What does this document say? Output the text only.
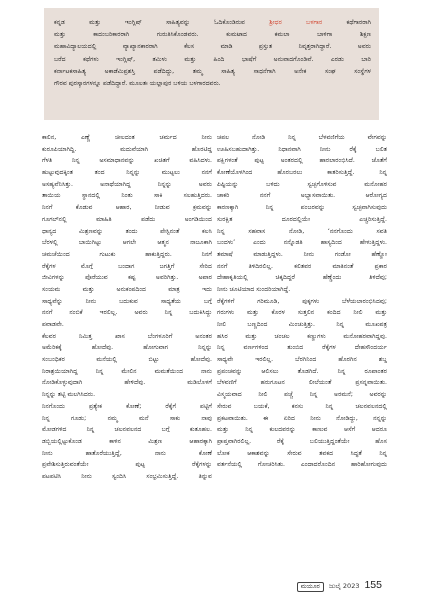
ಕನ್ನಡ ಮತ್ತು ಇಂಗ್ಲಿಷ್ ಸಾಹಿತ್ಯವನ್ನು ಓದಿಕೊಂಡಿರುವ	ಶ್ರೀಧರ ಬಳಗಾರ	ಕಥೆಗಾರರಾಗಿ
ಮತ್ತು ಕಾದಂಬರಿಕಾರರಾಗಿ ಗುರುತಿಸಿಕೊಂಡವರು. ಕುಮಟಾದ ಕಮಲಾ ಬಾಳಿಗಾ ಶಿಕ್ಷಣ
ಮಹಾವಿದ್ಯಾಲಯದಲ್ಲಿ ವ್ಯಾಖ್ಯಾನಕಾರರಾಗಿ ಕೆಲಸ ಮಾಡಿ ಪ್ರಸ್ತುತ ನಿವೃತ್ತರಾಗಿದ್ದಾರೆ. ಅವರು
ಬರೆದ ಕಥೆಗಳು ಇಂಗ್ಲಿಷ್, ತಮಿಳು ಮತ್ತು ಹಿಂದಿ ಭಾಷೆಗೆ ಅನುವಾದಗೊಂಡಿವೆ. ಎರಡು ಬಾರಿ
ಕರ್ನಾಟಕಸಾಹಿತ್ಯ ಅಕಾಡೆಮಿಪ್ರಶಸ್ತಿ ಪಡೆದಿದ್ದು, ತಮ್ಮ ಸಾಹಿತ್ಯ ಸಾಧನೆಗಾಗಿ ಅನೇಕ ಸಂಘ ಸಂಸ್ಥೆಗಳ
ಗೌರವ ಪುರಸ್ಕಾರಗಳನ್ನೂ ಪಡೆದಿದ್ದಾರೆ. ಮೂಲತಃ ಯಲ್ಲಾಪುರ ಬಳಿಯ ಬಳಗಾರದವರು.
ಕಾಲಿನ, ಎಣ್ಣೆ ಚೀಲದಂತ ಚರ್ಮದ ನೀನು
ಕುರೂಪಿಯಾಗಿದ್ದಿ. ಮದುವೆಯಾಗಿ ಹೊರಟಿದ್ದ
ಗೆಳತಿ ನಿನ್ನ ಅಸಮಾಧಾನವನ್ನು ಖಚಿತಗೆ ವಹಿಸಿದಳು.
ಹುಟ್ಟುವುದಕ್ಕಿಂತ ತಂದ ನಿನ್ನನ್ನು ಮುಟ್ಟಲು ನನಗೆ
ಅಸಹ್ಯವೆನಿಸಿತ್ತು. ಅನಾಥೆಯಾಗಿದ್ದ ನಿನ್ನನ್ನು ಅವರು
ತಾಯಿಯ ಸ್ಥಾನದಲ್ಲಿ ನಿಂತು ಸಾಕಿ ಸಲಹುತ್ತಿದರು.
ನಿನಗೆ ಕೊಡುವ ಆಹಾರ, ನೀಡುವ ಕ್ರಮವನ್ನು
ಗೂಗಲ್‌ನಲ್ಲಿ ಮಾಹಿತಿ ಪಡೆದು ಅಂಗಡಿಯಿಂದ
ಧಾನ್ಯದ ಮಿಶ್ರಣವನ್ನು ತಂದು ಪೇಸ್ಟಿನಂತೆ ಕಲಸಿ
ಬೆರಳಲ್ಲಿ ಬಾಯಿಗಿಟ್ಟು ಆಗಲೇ ಆತ್ಮನ ನಾಜೂಕಾಗಿ
ಚಮಚೆಯಿಂದ ಗುಟುಕು ಹಾಕುತ್ತಿದ್ದರು. ನಿನಗೆ
ರೆಕ್ಕೆಗಳ ಮೊಗ್ಗೆ ಬಂದಾಗ ಜಗತ್ತಿಗೆ ಸೇರಿದ
ಜೀವಿಗಳನ್ನು ಪೊರೆಯುವ ಕಷ್ಟ ಅವರಿಗಿತ್ತು. ಅಪಾರ
ಸಂಯಮ ಮತ್ತು ಅನುಕಂಪದಿಂದ ಮಾತ್ರ ಇದು
ಸಾಧ್ಯವೆನ್ನು ನೀನು ಬದುಕುವ ಸಾಧ್ಯತೆಯ ಬಗ್ಗೆ
ನನಗೆ ನಂಬಿಕೆ ಇರಲಿಲ್ಲ. ಅವರು ನಿನ್ನ ಬದುಕಿಸಿದ್ದು
ಪವಾಡವೇ.
ಕೆಲವರ ನಿಮಿತ್ತ ಖಾಸ ಬೆಂಗಳೂರಿಗೆ ಅನಂತರ
ಅಮೆರಿಕಕ್ಕೆ ಹೋದೆವು. ಹೋಗುವಾಗ ನಿನ್ನನ್ನು
ಸಂಬಂಧಿಕರ ಮನೆಯಲ್ಲಿ ಬಿಟ್ಟು ಹೋದೆವು.
ನಿರಾಶ್ರಯಿಯಾಗಿದ್ದ ನಿನ್ನ ಮೇಲಿನ ಮಮತೆಯಿಂದ ನಾನು
ನೋಡಿಕೊಳ್ಳುವುದಾಗಿ ಹೇಳಿದೆವು. ಮಡಿಲೊಳಗೆ
ನಿನ್ನನ್ನು ತಟ್ಟಿ ಮಲಗಿಸಿದರು.
ನಿನಗೊಂದು ಪ್ರತ್ಯೇಕ ಕೋಣೆ; ರೆಕ್ಕೆಗೆ ಪಟ್ಟಿಗೆ
ನಿನ್ನ ಗೂಡು; ನಮ್ಮ ಮನೆ ಸಾಕು ನಾವು
ಮೋಡಗಳಿದ ನಿನ್ನ ಚಲನವಲನದ ಬಗ್ಗೆ ಕುತೂಹಲ.
ಡಬ್ಬಿಯಲ್ಲಿಟ್ಟುಕೊಂಡ ಕಾಳಿನ ಮಿಶ್ರಣ ಆಹಾರಕ್ಕಾಗಿ
ನೀನು ಹಾತೊರೆಯುತ್ತಿದ್ದೆ, ನಾನು ಕೋಣೆ
ಪ್ರವೇಶಿಸುತ್ತಿರುವಂತೆಯೇ ಪುಟ್ಟ ರೆಕ್ಕೆಗಳನ್ನು
ಪಟಪಟಿಸಿ ನೀನು ಸ್ವಂದಿಸಿ ಸಂಭ್ರಮಿಸುತ್ತಿದ್ದೆ. ತಿನ್ನುವ
ಚಪಲ ನೋಡಿ ನಿನ್ನ ಬೆಳವಣಿಗೆಯ ವೇಗವನ್ನು
ಊಹಿಸಬಹುದಾಗಿತ್ತು. ನಿಧಾನವಾಗಿ ನೀನು ರೆಕ್ಕೆ ಬಲಿತ
ಪಕ್ಷಿಗಳಂತೆ ಪುಟ್ಟ ಅಂತರದಲ್ಲಿ ಹಾರಲಾರಂಭಿಸಿದೆ. ಜೊತೆಗೆ
ಕೋಣೆಯೊಳಗಿಂದ ಹೊರಬರಲು ಕಾತರಿಸುತ್ತಿದ್ದೆ. ನಿನ್ನ
ಪಿಷ್ಟಿಯನ್ನು ಬಳಿದು ಸ್ವಚ್ಛಗೊಳಿಸುವ ಮನೋಹರ
ಚಾಕರಿ ನನಗೆ ಅಭ್ಯಾಸವಾಯಿತು. ಆರೋಗ್ಯದ
ಕಾರಣಕ್ಕಾಗಿ ನಿನ್ನ ಪಂಜರವನ್ನು ಸ್ವಚ್ಛವಾಗಿಸುವುದು
ಸುರಕ್ಷಿತ ದೂರದಲ್ಲಿಯೇ ಎಚ್ಚರಿಸುತ್ತಿದ್ದೆ.
ನಿನ್ನ ಸಹವಾಸ ನೋಡಿ, ‘ನನಗೊಂದು ಸವತಿ
ಬಂದಳು’ ಎಂದು ನನ್ನೊಡತಿ ಹಾಸ್ಯದಿಂದ ಹೇಳುತ್ತಿದ್ದಳು.
ತಮಾಷೆ ಮಾಡುತ್ತಿದ್ದಳು. ನೀನು ಗಂಡೋ ಹೆಣ್ಣೋ
ನನಗೆ ತಿಳಿದಿರಲಿಲ್ಲ. ಕಲಿತವರ ಮಾತಿನಂತೆ ಪ್ರಕಾರ
ದೇಹಾಕೃತಿಯಲ್ಲಿ ಚಿಕ್ಕದಿದ್ದರೆ ಹೆಣ್ಣೆಂದು ತಿಳಿದೆವು;
ನೀನು ಚೂಟಿಯಾದ ಸುಂದರಿಯಾಗಿದ್ದೆ.
ರೆಕ್ಕೆಗಳಿಗೆ ಗರಿಮೂಡಿ, ಪುಕ್ಕಗಳು ಬೆಳೆಯಲಾರಂಭಿಸಿದವು;
ಗರುಗಳು ಮತ್ತು ಕೊರಳ ಸುತ್ತಲಿನ ಕಂದಿದ ನೀಲಿ ಮತ್ತು
ನೀಲಿ ಬಣ್ಣದಿಂದ ಮಿಂಚುತ್ತಿತ್ತು. ನಿನ್ನ ಮೂಖಪತ್ರ
ಹಸಿರ ಮತ್ತು ಚಂಚಲ ಕಣ್ಣುಗಳು ಮನೋಹರವಾಗಿದ್ದವು.
ನಿನ್ನ ವರ್ಣಗಳಿಂದ ತುಂಬಿದ ರೆಕ್ಕೆಗಳ ದೇಹಸೌಂದರ್ಯ
ಸಾಧ್ಯವೇ ಇರಲಿಲ್ಲ. ಬೆರಗಿನಿಂದ ಹೊರಗಿನ ಶಬ್ದ
ಪ್ರಪಂಚವನ್ನು ಆಲಿಸಲು ತೊಡಗಿದೆ. ನಿನ್ನ ರೂಪಾಂತರ
ಬೆಳವಣಿಗೆ ಹರುಗೂಟನ ಲೀಲೆಯಂತೆ ಪ್ರಸನ್ನವಾಯಿತು.
ವಿಸ್ಮಯವಾದ ನೀಲಿ ಪಚ್ಚೆ ನಿನ್ನ ಅರಮನೆ; ಅವರನ್ನು
ಸೇರುವ ಬಯಕೆ, ಕನಸು ನಿನ್ನ ಚಲನವಲನದಲ್ಲಿ
ಪ್ರಕಟವಾಯಿತು. ಈ ಏರಿದ ನೀನು ನೋಡಿದ್ದು, ನನ್ನನ್ನು
ಮತ್ತು ನಿನ್ನ ಕುಲದವರನ್ನು ಕಾಣುವ ಆಸೆಗೆ ಆದರೂ
ಪ್ರಾಪ್ತವಾಗಿರಲಿಲ್ಲ. ರೆಕ್ಕೆ ಬಲಿಯುತ್ತಿದ್ದಂತೆಯೇ ಹೊಸ
ಲೋಕ ಆಕಾಶವನ್ನು ಸೇರುವ ತವಕದ ಸಿದ್ಧತೆ ನಿನ್ನ
ವರ್ತನೆಯಲ್ಲಿ ಗೋಚರಿಸಿತು. ಎಂದಾದರೊಂದಿನ ಹಾರಿಹೋಗುವುದು
ಮಯೂರ	ಜುಲೈ 2023 155
